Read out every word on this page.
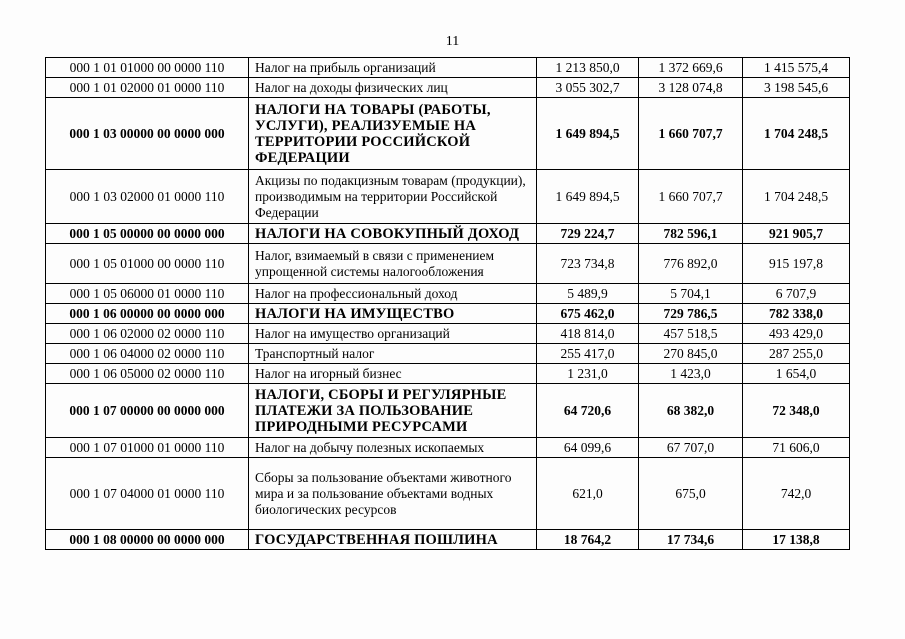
11
000 1 01 01000 00 0000 110	Налог на прибыль организаций	1 213 850,0	1 372 669,6	1 415 575,4
000 1 01 02000 01 0000 110	Налог на доходы физических лиц	3 055 302,7	3 128 074,8	3 198 545,6
000 1 03 00000 00 0000 000	НАЛОГИ НА ТОВАРЫ (РАБОТЫ, УСЛУГИ), РЕАЛИЗУЕМЫЕ НА ТЕРРИТОРИИ РОССИЙСКОЙ ФЕДЕРАЦИИ	1 649 894,5	1 660 707,7	1 704 248,5
000 1 03 02000 01 0000 110	Акцизы по подакцизным товарам (продукции), производимым на территории Российской Федерации	1 649 894,5	1 660 707,7	1 704 248,5
000 1 05 00000 00 0000 000	НАЛОГИ НА СОВОКУПНЫЙ ДОХОД	729 224,7	782 596,1	921 905,7
000 1 05 01000 00 0000 110	Налог, взимаемый в связи с применением упрощенной системы налогообложения	723 734,8	776 892,0	915 197,8
000 1 05 06000 01 0000 110	Налог на профессиональный доход	5 489,9	5 704,1	6 707,9
000 1 06 00000 00 0000 000	НАЛОГИ НА ИМУЩЕСТВО	675 462,0	729 786,5	782 338,0
000 1 06 02000 02 0000 110	Налог на имущество организаций	418 814,0	457 518,5	493 429,0
000 1 06 04000 02 0000 110	Транспортный налог	255 417,0	270 845,0	287 255,0
000 1 06 05000 02 0000 110	Налог на игорный бизнес	1 231,0	1 423,0	1 654,0
000 1 07 00000 00 0000 000	НАЛОГИ, СБОРЫ И РЕГУЛЯРНЫЕ ПЛАТЕЖИ ЗА ПОЛЬЗОВАНИЕ ПРИРОДНЫМИ РЕСУРСАМИ	64 720,6	68 382,0	72 348,0
000 1 07 01000 01 0000 110	Налог на добычу полезных ископаемых	64 099,6	67 707,0	71 606,0
000 1 07 04000 01 0000 110	Сборы за пользование объектами животного мира и за пользование объектами водных биологических ресурсов	621,0	675,0	742,0
000 1 08 00000 00 0000 000	ГОСУДАРСТВЕННАЯ ПОШЛИНА	18 764,2	17 734,6	17 138,8
